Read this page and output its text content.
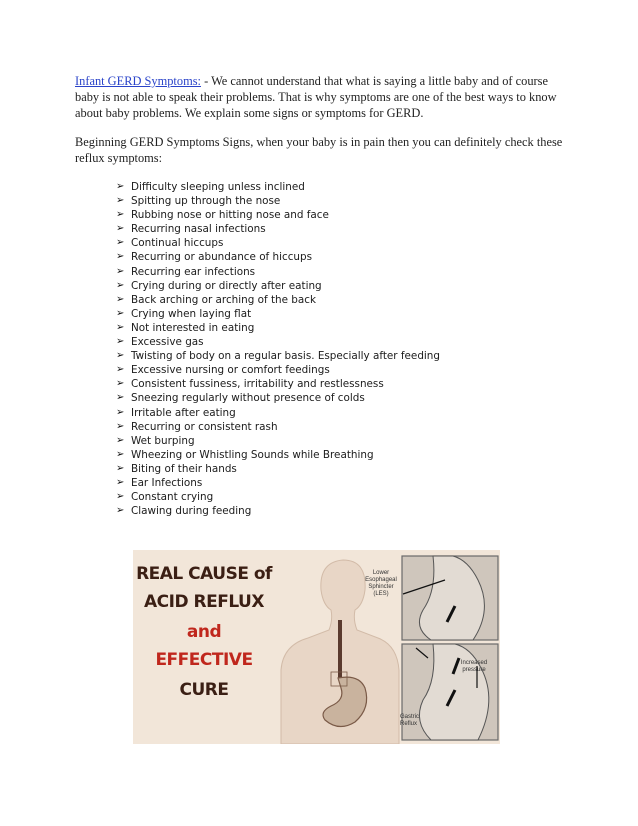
Infant GERD Symptoms: - We cannot understand that what is saying a little baby and of course baby is not able to speak their problems. That is why symptoms are one of the best ways to know about baby problems. We explain some signs or symptoms for GERD.

Beginning GERD Symptoms Signs, when your baby is in pain then you can definitely check these reflux symptoms:

➢ Difficulty sleeping unless inclined
➢ Spitting up through the nose
➢ Rubbing nose or hitting nose and face
➢ Recurring nasal infections
➢ Continual hiccups
➢ Recurring or abundance of hiccups
➢ Recurring ear infections
➢ Crying during or directly after eating
➢ Back arching or arching of the back
➢ Crying when laying flat
➢ Not interested in eating
➢ Excessive gas
➢ Twisting of body on a regular basis. Especially after feeding
➢ Excessive nursing or comfort feedings
➢ Consistent fussiness, irritability and restlessness
➢ Sneezing regularly without presence of colds
➢ Irritable after eating
➢ Recurring or consistent rash
➢ Wet burping
➢ Wheezing or Whistling Sounds while Breathing
➢ Biting of their hands
➢ Ear Infections
➢ Constant crying
➢ Clawing during feeding
REAL CAUSE of
ACID REFLUX
and
EFFECTIVE
CURE
Lower
Esophageal
Sphincter
(LES)
Gastric
Reflux
Increased
pressure
